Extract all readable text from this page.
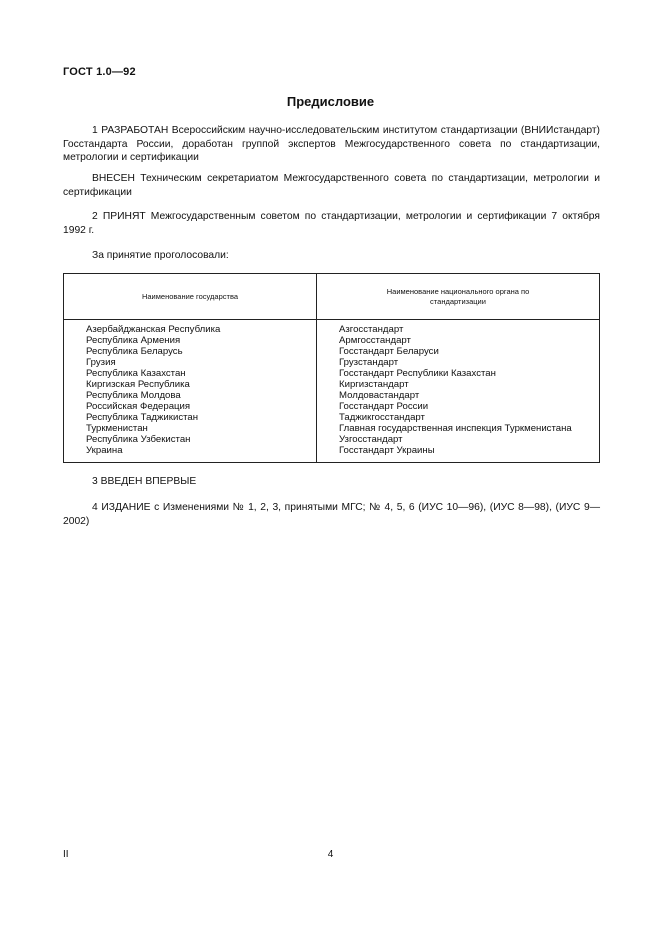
ГОСТ 1.0—92
Предисловие

1 РАЗРАБОТАН Всероссийским научно-исследовательским институтом стандартизации (ВНИИстандарт) Госстандарта России, доработан группой экспертов Межгосударственного совета по стандартизации, метрологии и сертификации

ВНЕСЕН Техническим секретариатом Межгосударственного совета по стандартизации, метрологии и сертификации

2 ПРИНЯТ Межгосударственным советом по стандартизации, метрологии и сертификации 7 октября 1992 г.

За принятие проголосовали:

Наименование государства
Наименование национального органа по стандартизации
Азербайджанская Республика
Республика Армения
Республика Беларусь
Грузия
Республика Казахстан
Киргизская Республика
Республика Молдова
Российская Федерация
Республика Таджикистан
Туркменистан
Республика Узбекистан
Украина
Азгосстандарт
Армгосстандарт
Госстандарт Беларуси
Грузстандарт
Госстандарт Республики Казахстан
Киргизстандарт
Молдовастандарт
Госстандарт России
Таджикгосстандарт
Главная государственная инспекция Туркменистана
Узгосстандарт
Госстандарт Украины

3 ВВЕДЕН ВПЕРВЫЕ

4 ИЗДАНИЕ с Изменениями № 1, 2, 3, принятыми МГС; № 4, 5, 6 (ИУС 10—96), (ИУС 8—98), (ИУС 9—2002)

II	4
